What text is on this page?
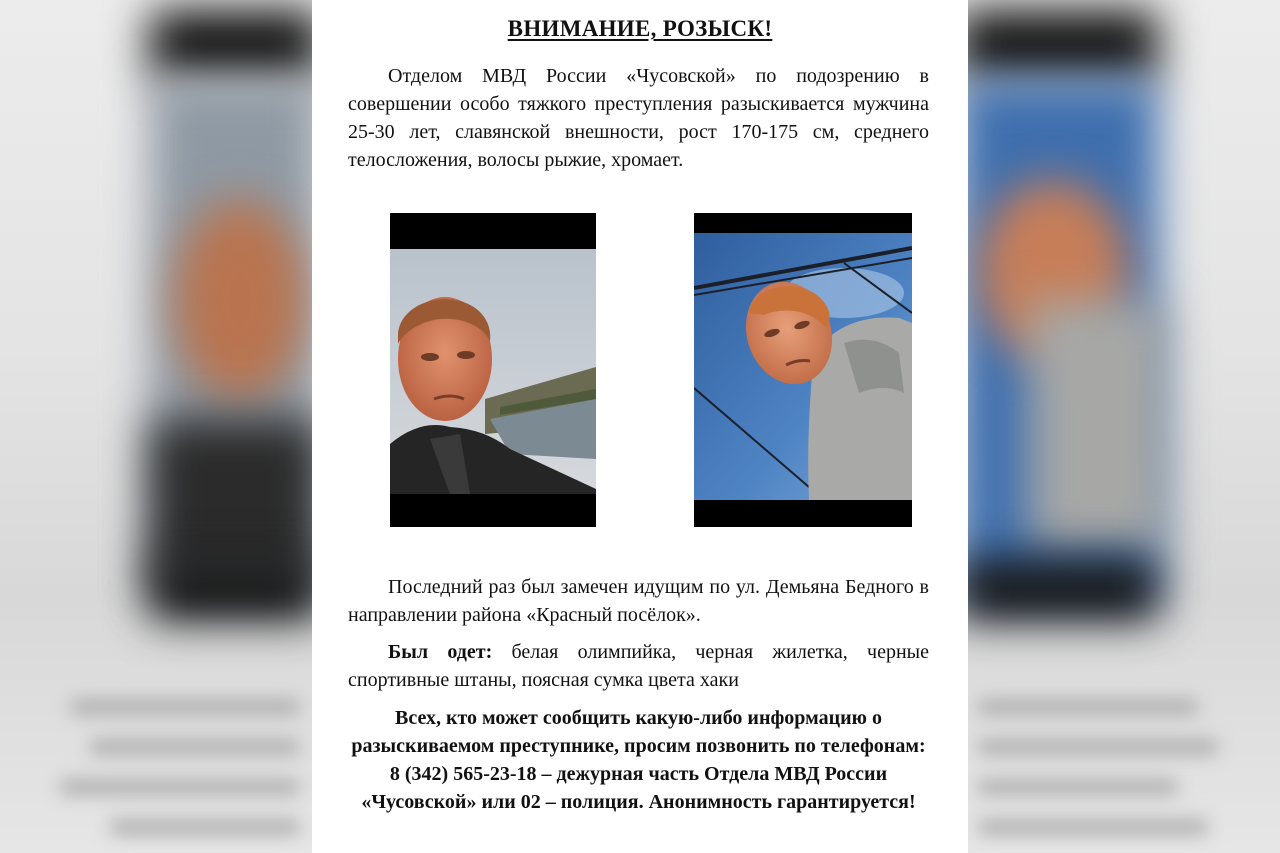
ВНИМАНИЕ, РОЗЫСК!

Отделом МВД России «Чусовской» по подозрению в совершении особо тяжкого преступления разыскивается мужчина 25-30 лет, славянской внешности, рост 170-175 см, среднего телосложения, волосы рыжие, хромает.

Последний раз был замечен идущим по ул. Демьяна Бедного в направлении района «Красный посёлок».

Был одет: белая олимпийка, черная жилетка, черные спортивные штаны, поясная сумка цвета хаки

Всех, кто может сообщить какую-либо информацию о разыскиваемом преступнике, просим позвонить по телефонам: 8 (342) 565-23-18 – дежурная часть Отдела МВД России «Чусовской» или 02 – полиция. Анонимность гарантируется!
